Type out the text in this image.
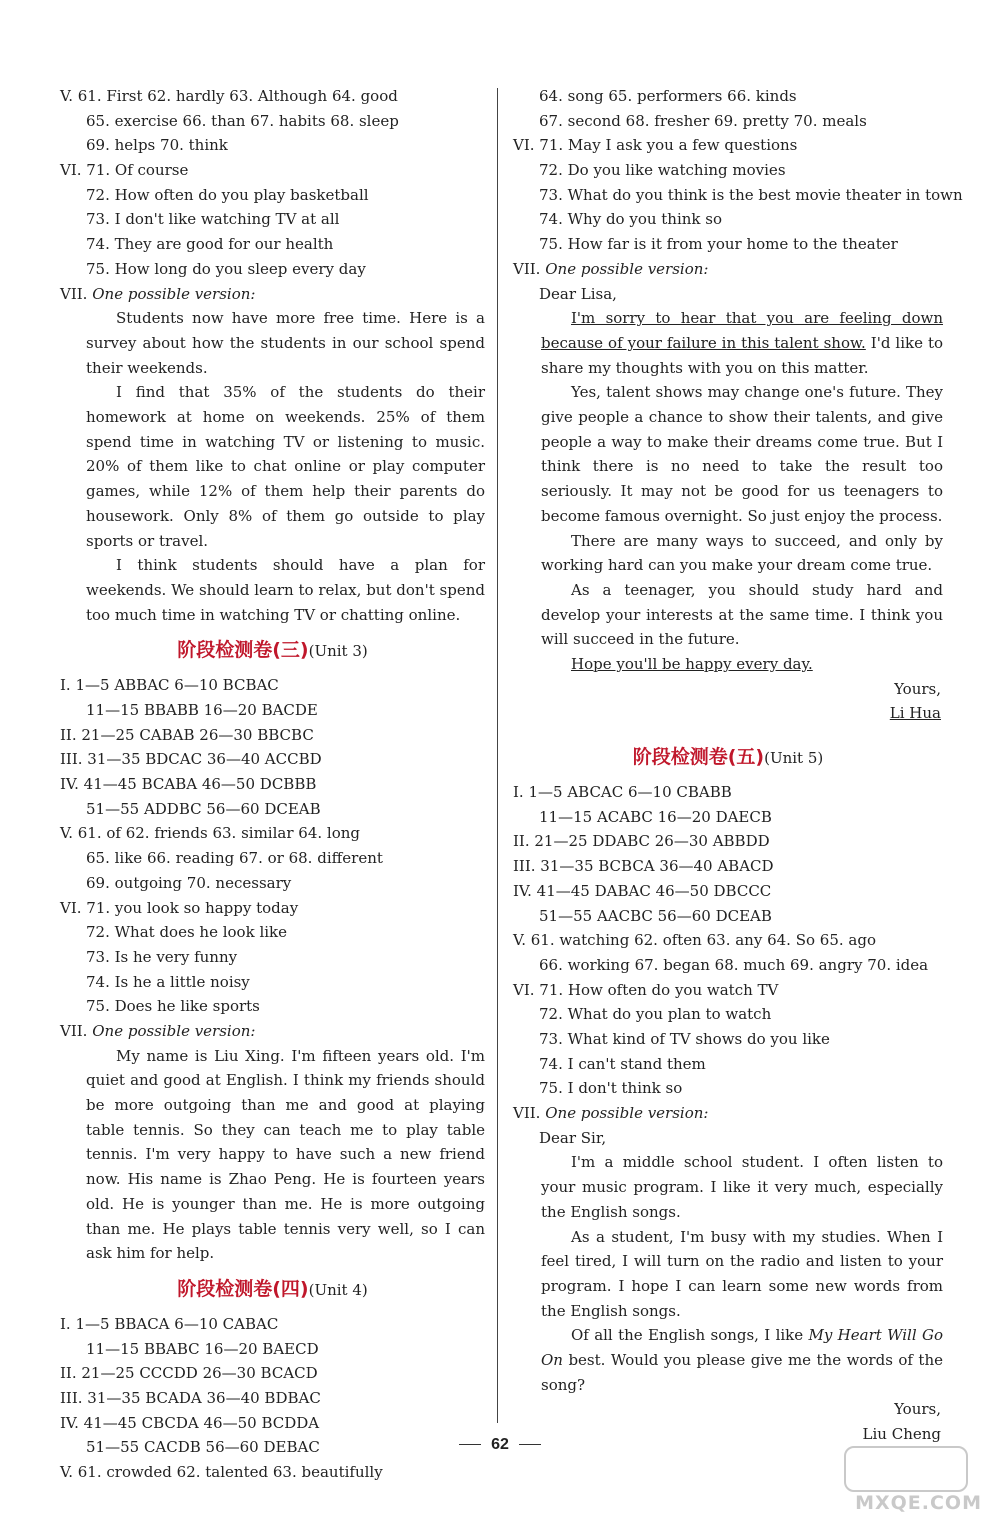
V. 61. First 62. hardly 63. Although 64. good
65. exercise 66. than 67. habits 68. sleep
69. helps 70. think
VI. 71. Of course
72. How often do you play basketball
73. I don't like watching TV at all
74. They are good for our health
75. How long do you sleep every day
VII. One possible version:

Students now have more free time. Here is a survey about how the students in our school spend their weekends.

I find that 35% of the students do their homework at home on weekends. 25% of them spend time in watching TV or listening to music. 20% of them like to chat online or play computer games, while 12% of them help their parents do housework. Only 8% of them go outside to play sports or travel.

I think students should have a plan for weekends. We should learn to relax, but don't spend too much time in watching TV or chatting online.

阶段检测卷(三)(Unit 3)
I. 1—5 ABBAC 6—10 BCBAC
11—15 BBABB 16—20 BACDE
II. 21—25 CABAB 26—30 BBCBC
III. 31—35 BDCAC 36—40 ACCBD
IV. 41—45 BCABA 46—50 DCBBB
51—55 ADDBC 56—60 DCEAB
V. 61. of 62. friends 63. similar 64. long
65. like 66. reading 67. or 68. different
69. outgoing 70. necessary
VI. 71. you look so happy today
72. What does he look like
73. Is he very funny
74. Is he a little noisy
75. Does he like sports
VII. One possible version:

My name is Liu Xing. I'm fifteen years old. I'm quiet and good at English. I think my friends should be more outgoing than me and good at playing table tennis. So they can teach me to play table tennis. I'm very happy to have such a new friend now. His name is Zhao Peng. He is fourteen years old. He is younger than me. He is more outgoing than me. He plays table tennis very well, so I can ask him for help.

阶段检测卷(四)(Unit 4)
I. 1—5 BBACA 6—10 CABAC
11—15 BBABC 16—20 BAECD
II. 21—25 CCCDD 26—30 BCACD
III. 31—35 BCADA 36—40 BDBAC
IV. 41—45 CBCDA 46—50 BCDDA
51—55 CACDB 56—60 DEBAC
V. 61. crowded 62. talented 63. beautifully
64. song 65. performers 66. kinds
67. second 68. fresher 69. pretty 70. meals
VI. 71. May I ask you a few questions
72. Do you like watching movies
73. What do you think is the best movie theater in town
74. Why do you think so
75. How far is it from your home to the theater
VII. One possible version:
Dear Lisa,

I'm sorry to hear that you are feeling down because of your failure in this talent show. I'd like to share my thoughts with you on this matter.

Yes, talent shows may change one's future. They give people a chance to show their talents, and give people a way to make their dreams come true. But I think there is no need to take the result too seriously. It may not be good for us teenagers to become famous overnight. So just enjoy the process.

There are many ways to succeed, and only by working hard can you make your dream come true.

As a teenager, you should study hard and develop your interests at the same time. I think you will succeed in the future.

Hope you'll be happy every day.

Yours,
Li Hua
阶段检测卷(五)(Unit 5)
I. 1—5 ABCAC 6—10 CBABB
11—15 ACABC 16—20 DAECB
II. 21—25 DDABC 26—30 ABBDD
III. 31—35 BCBCA 36—40 ABACD
IV. 41—45 DABAC 46—50 DBCCC
51—55 AACBC 56—60 DCEAB
V. 61. watching 62. often 63. any 64. So 65. ago
66. working 67. began 68. much 69. angry 70. idea
VI. 71. How often do you watch TV
72. What do you plan to watch
73. What kind of TV shows do you like
74. I can't stand them
75. I don't think so
VII. One possible version:
Dear Sir,

I'm a middle school student. I often listen to your music program. I like it very much, especially the English songs.

As a student, I'm busy with my studies. When I feel tired, I will turn on the radio and listen to your program. I hope I can learn some new words from the English songs.

Of all the English songs, I like My Heart Will Go On best. Would you please give me the words of the song?

Yours,
Liu Cheng
62
MXQE.COM
